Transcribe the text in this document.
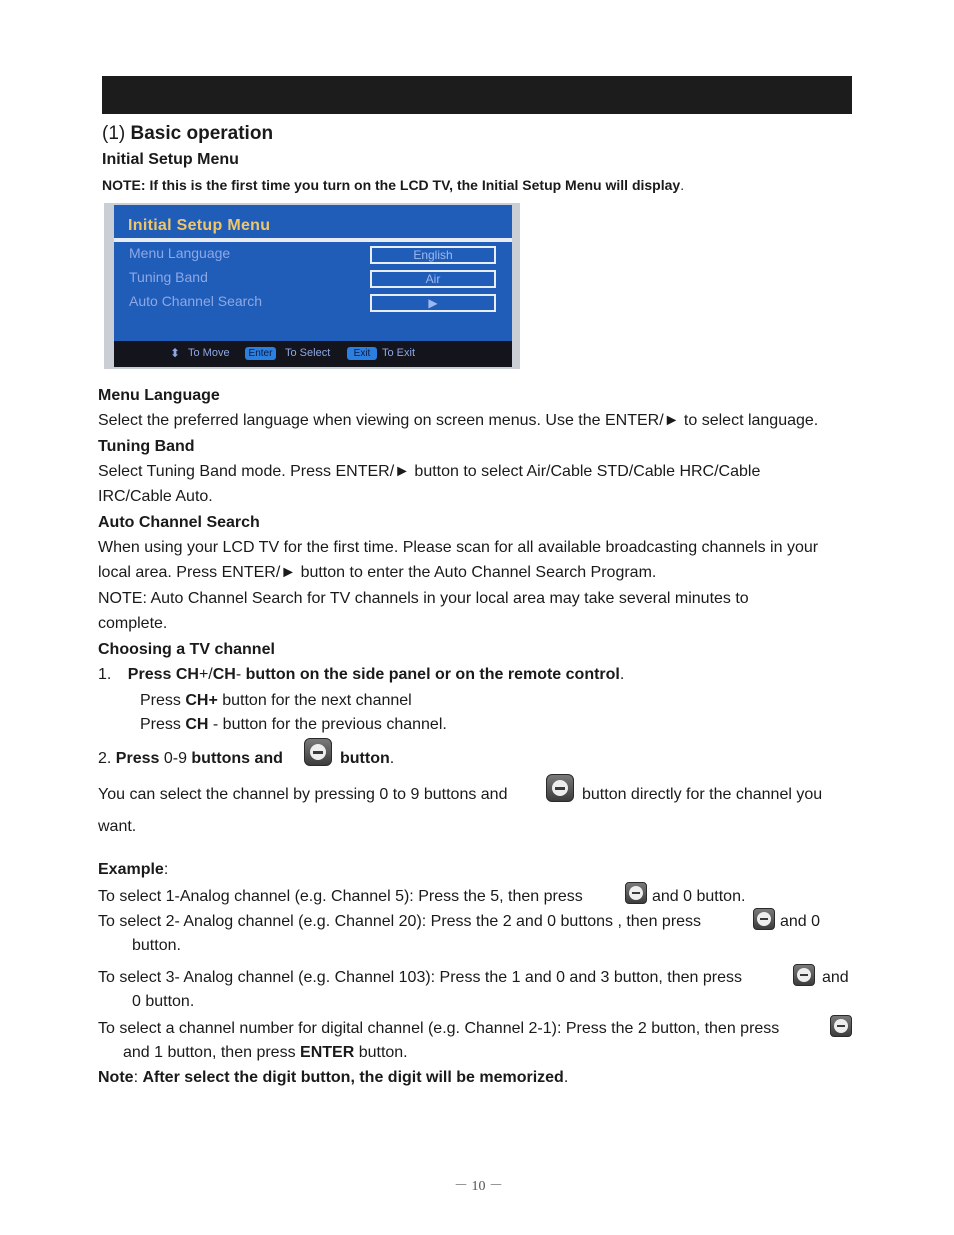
(1) Basic operation
Initial Setup Menu
NOTE: If this is the first time you turn on the LCD TV, the Initial Setup Menu will display.
Initial Setup Menu
Menu Language	English
Tuning Band	Air
Auto Channel Search	▶
⬍ To Move	Enter	To Select	Exit	To Exit
Menu Language
Select the preferred language when viewing on screen menus. Use the ENTER/► to select language.
Tuning Band
Select Tuning Band mode. Press ENTER/► button to select Air/Cable STD/Cable HRC/Cable
IRC/Cable Auto.
Auto Channel Search
When using your LCD TV for the first time. Please scan for all available broadcasting channels in your
local area. Press ENTER/► button to enter the Auto Channel Search Program.
NOTE: Auto Channel Search for TV channels in your local area may take several minutes to
complete.
Choosing a TV channel
1. Press CH+/CH- button on the side panel or on the remote control.
Press CH+ button for the next channel
Press CH - button for the previous channel.
2. Press 0-9 buttons and	button.
You can select the channel by pressing 0 to 9 buttons and	button directly for the channel you
want.
Example:
To select 1-Analog channel (e.g. Channel 5): Press the 5, then press	and 0 button.
To select 2- Analog channel (e.g. Channel 20): Press the 2 and 0 buttons , then press	and 0
button.
To select 3- Analog channel (e.g. Channel 103): Press the 1 and 0 and 3 button, then press	and
0 button.
To select a channel number for digital channel (e.g. Channel 2-1): Press the 2 button, then press
and 1 button, then press ENTER button.
Note: After select the digit button, the digit will be memorized.
－ 10 －
